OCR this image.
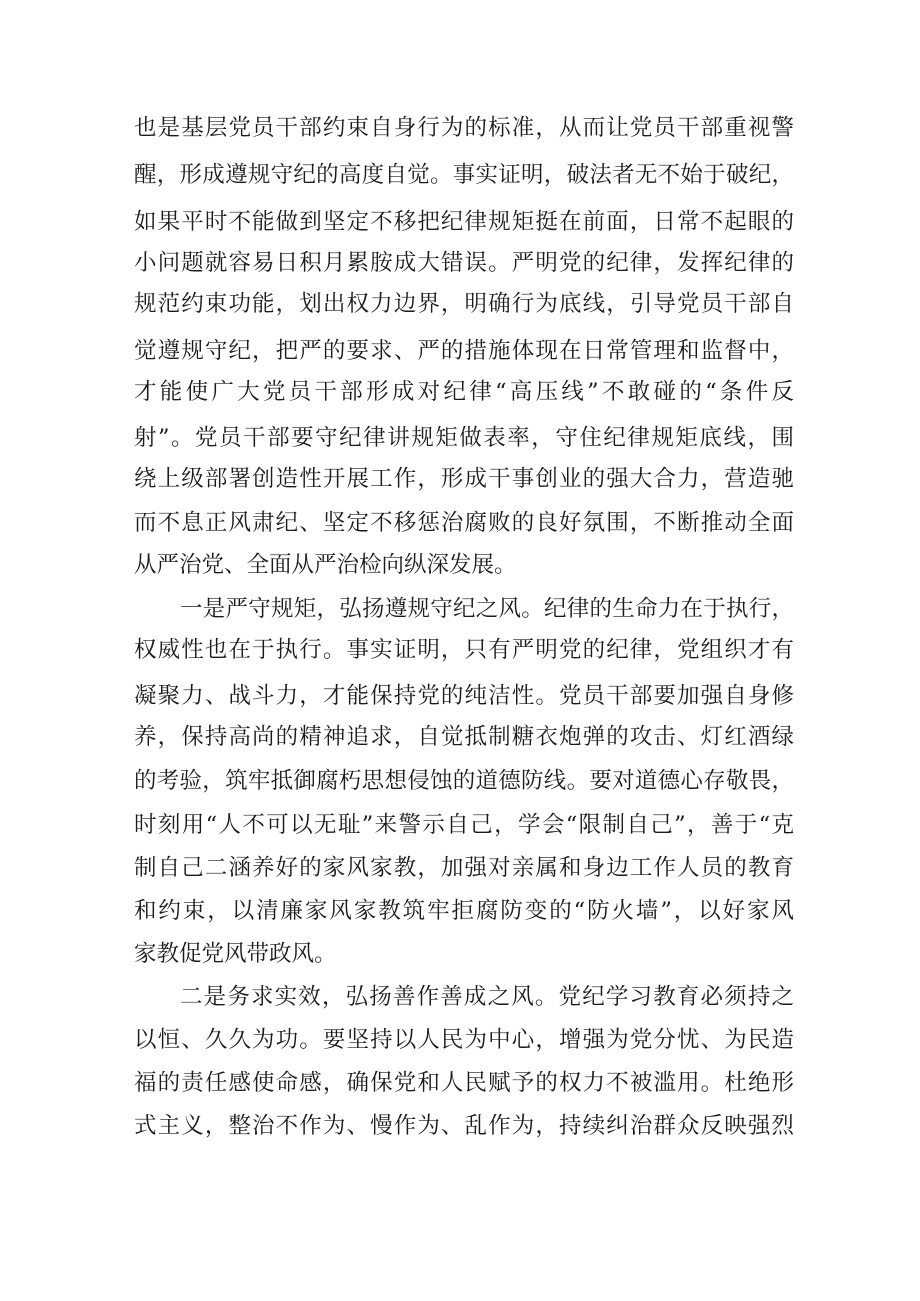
也是基层党员干部约束自身行为的标准，从而让党员干部重视警
醒，形成遵规守纪的高度自觉。事实证明，破法者无不始于破纪，
如果平时不能做到坚定不移把纪律规矩挺在前面，日常不起眼的
小问题就容易日积月累胺成大错误。严明党的纪律，发挥纪律的
规范约束功能，划出权力边界，明确行为底线，引导党员干部自
觉遵规守纪，把严的要求、严的措施体现在日常管理和监督中，
才能使广大党员干部形成对纪律“高压线”不敢碰的“条件反
射”。党员干部要守纪律讲规矩做表率，守住纪律规矩底线，围
绕上级部署创造性开展工作，形成干事创业的强大合力，营造驰
而不息正风肃纪、坚定不移惩治腐败的良好氛围，不断推动全面
从严治党、全面从严治检向纵深发展。
一是严守规矩，弘扬遵规守纪之风。纪律的生命力在于执行，
权威性也在于执行。事实证明，只有严明党的纪律，党组织才有
凝聚力、战斗力，才能保持党的纯洁性。党员干部要加强自身修
养，保持高尚的精神追求，自觉抵制糖衣炮弹的攻击、灯红酒绿
的考验，筑牢抵御腐朽思想侵蚀的道德防线。要对道德心存敬畏，
时刻用“人不可以无耻”来警示自己，学会“限制自己”，善于“克
制自己二涵养好的家风家教，加强对亲属和身边工作人员的教育
和约束，以清廉家风家教筑牢拒腐防变的“防火墙”，以好家风
家教促党风带政风。
二是务求实效，弘扬善作善成之风。党纪学习教育必须持之
以恒、久久为功。要坚持以人民为中心，增强为党分忧、为民造
福的责任感使命感，确保党和人民赋予的权力不被滥用。杜绝形
式主义，整治不作为、慢作为、乱作为，持续纠治群众反映强烈
